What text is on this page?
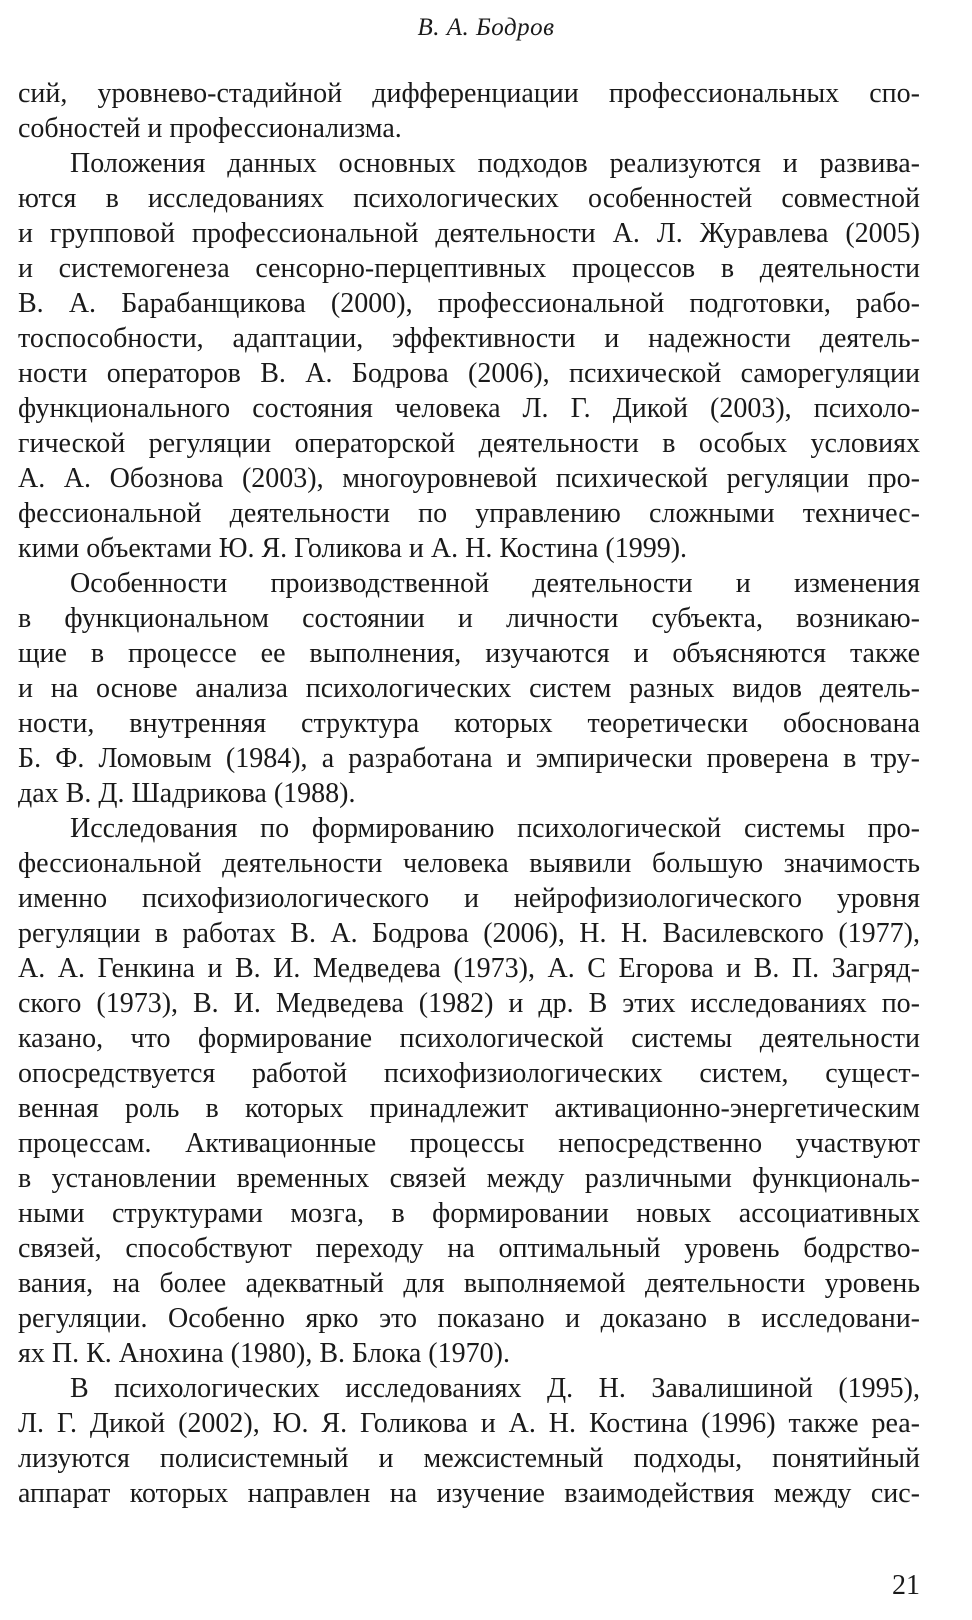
В. А. Бодров
сий, уровнево-стадийной дифференциации профессиональных спо-
собностей и профессионализма.
Положения данных основных подходов реализуются и развива-
ются в исследованиях психологических особенностей совместной
и групповой профессиональной деятельности А. Л. Журавлева (2005)
и системогенеза сенсорно-перцептивных процессов в деятельности
В. А. Барабанщикова (2000), профессиональной подготовки, рабо-
тоспособности, адаптации, эффективности и надежности деятель-
ности операторов В. А. Бодрова (2006), психической саморегуляции
функционального состояния человека Л. Г. Дикой (2003), психоло-
гической регуляции операторской деятельности в особых условиях
А. А. Обознова (2003), многоуровневой психической регуляции про-
фессиональной деятельности по управлению сложными техничес-
кими объектами Ю. Я. Голикова и А. Н. Костина (1999).
Особенности производственной деятельности и изменения
в функциональном состоянии и личности субъекта, возникаю-
щие в процессе ее выполнения, изучаются и объясняются также
и на основе анализа психологических систем разных видов деятель-
ности, внутренняя структура которых теоретически обоснована
Б. Ф. Ломовым (1984), а разработана и эмпирически проверена в тру-
дах В. Д. Шадрикова (1988).
Исследования по формированию психологической системы про-
фессиональной деятельности человека выявили большую значимость
именно психофизиологического и нейрофизиологического уровня
регуляции в работах В. А. Бодрова (2006), Н. Н. Василевского (1977),
А. А. Генкина и В. И. Медведева (1973), А. С Егорова и В. П. Загряд-
ского (1973), В. И. Медведева (1982) и др. В этих исследованиях по-
казано, что формирование психологической системы деятельности
опосредствуется работой психофизиологических систем, сущест-
венная роль в которых принадлежит активационно-энергетическим
процессам. Активационные процессы непосредственно участвуют
в установлении временных связей между различными функциональ-
ными структурами мозга, в формировании новых ассоциативных
связей, способствуют переходу на оптимальный уровень бодрство-
вания, на более адекватный для выполняемой деятельности уровень
регуляции. Особенно ярко это показано и доказано в исследовани-
ях П. К. Анохина (1980), В. Блока (1970).
В психологических исследованиях Д. Н. Завалишиной (1995),
Л. Г. Дикой (2002), Ю. Я. Голикова и А. Н. Костина (1996) также реа-
лизуются полисистемный и межсистемный подходы, понятийный
аппарат которых направлен на изучение взаимодействия между сис-
21
